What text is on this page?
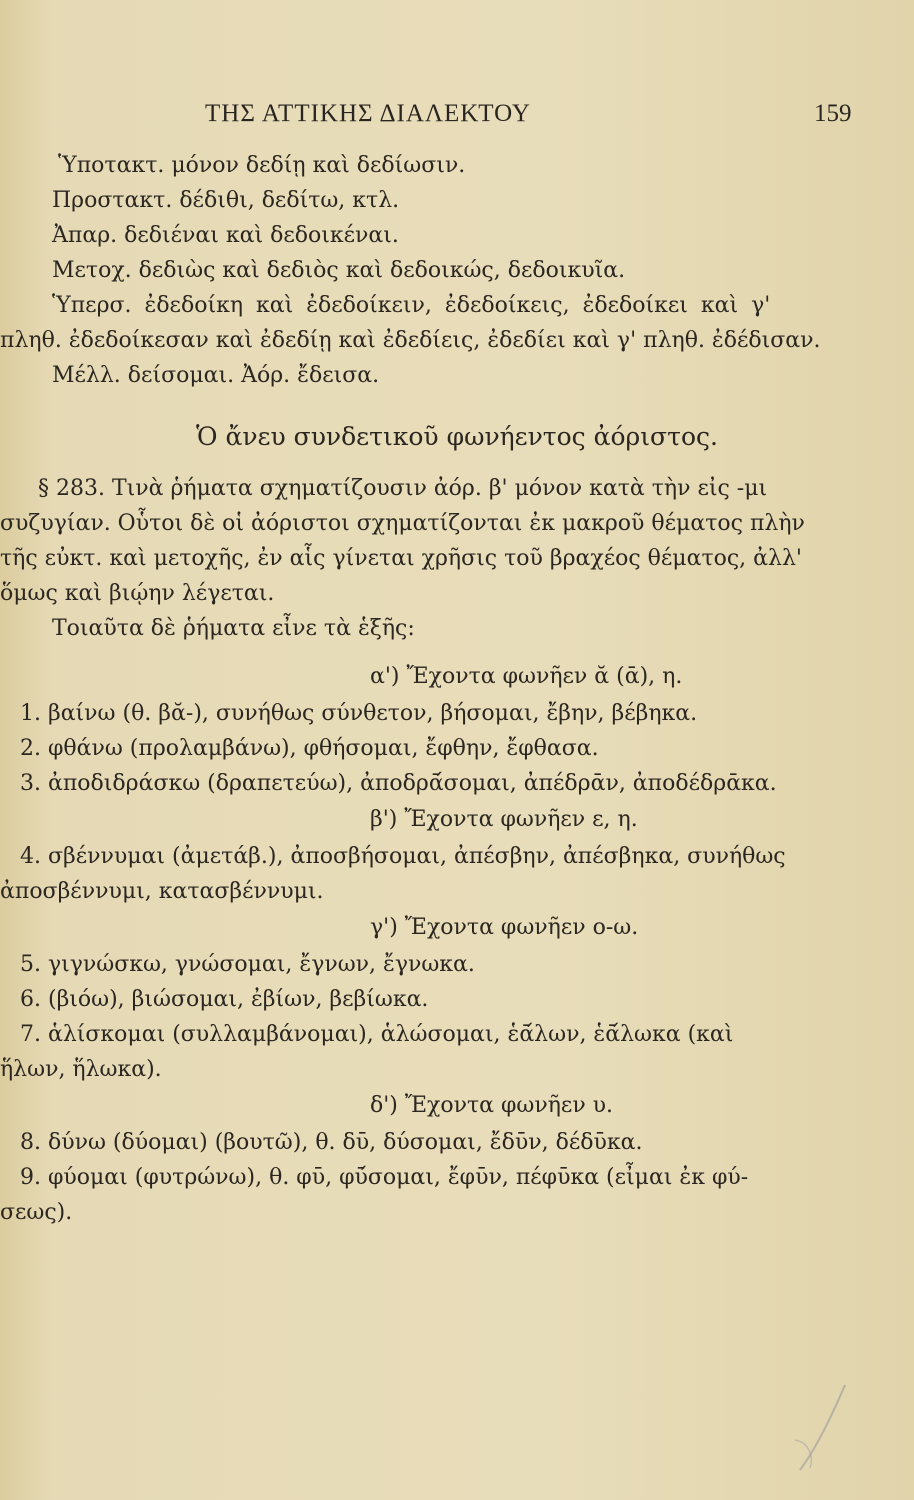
ΤΗΣ ΑΤΤΙΚΗΣ ΔΙΑΛΕΚΤΟΥ	159
Ὑποτακτ. μόνον δεδίῃ καὶ δεδίωσιν.
Προστακτ. δέδιθι, δεδίτω, κτλ.
Ἀπαρ. δεδιέναι καὶ δεδοικέναι.
Μετοχ. δεδιὼς καὶ δεδιὸς καὶ δεδοικώς, δεδοικυῖα.
Ὑπερσ. ἐδεδοίκη καὶ ἐδεδοίκειν, ἐδεδοίκεις, ἐδεδοίκει καὶ γ'
πληθ. ἐδεδοίκεσαν καὶ ἐδεδίῃ καὶ ἐδεδίεις, ἐδεδίει καὶ γ' πληθ. ἐδέδισαν.
Μέλλ. δείσομαι. Ἀόρ. ἔδεισα.
Ὁ ἄνευ συνδετικοῦ φωνήεντος ἀόριστος.
§ 283. Τινὰ ῥήματα σχηματίζουσιν ἀόρ. β' μόνον κατὰ τὴν εἰς -μι
συζυγίαν. Οὗτοι δὲ οἱ ἀόριστοι σχηματίζονται ἐκ μακροῦ θέματος πλὴν
τῆς εὐκτ. καὶ μετοχῆς, ἐν αἷς γίνεται χρῆσις τοῦ βραχέος θέματος, ἀλλ'
ὅμως καὶ βιῴην λέγεται.
Τοιαῦτα δὲ ῥήματα εἶνε τὰ ἑξῆς:
α') Ἔχοντα φωνῆεν ᾰ (ᾱ), η.
1. βαίνω (θ. βᾰ-), συνήθως σύνθετον, βήσομαι, ἔβην, βέβηκα.
2. φθάνω (προλαμβάνω), φθήσομαι, ἔφθην, ἔφθασα.
3. ἀποδιδράσκω (δραπετεύω), ἀποδρᾱ́σομαι, ἀπέδρᾱν, ἀποδέδρᾱκα.
β') Ἔχοντα φωνῆεν ε, η.
4. σβέννυμαι (ἀμετάβ.), ἀποσβήσομαι, ἀπέσβην, ἀπέσβηκα, συνήθως
ἀποσβέννυμι, κατασβέννυμι.
γ') Ἔχοντα φωνῆεν ο-ω.
5. γιγνώσκω, γνώσομαι, ἔγνων, ἔγνωκα.
6. (βιόω), βιώσομαι, ἐβίων, βεβίωκα.
7. ἁλίσκομαι (συλλαμβάνομαι), ἁλώσομαι, ἑᾱ́λων, ἑᾱ́λωκα (καὶ
ἥλων, ἥλωκα).
δ') Ἔχοντα φωνῆεν υ.
8. δύνω (δύομαι) (βουτῶ), θ. δῡ, δύσομαι, ἔδῡν, δέδῡκα.
9. φύομαι (φυτρώνω), θ. φῡ, φῡ́σομαι, ἔφῡν, πέφῡκα (εἶμαι ἐκ φύ-
σεως).
